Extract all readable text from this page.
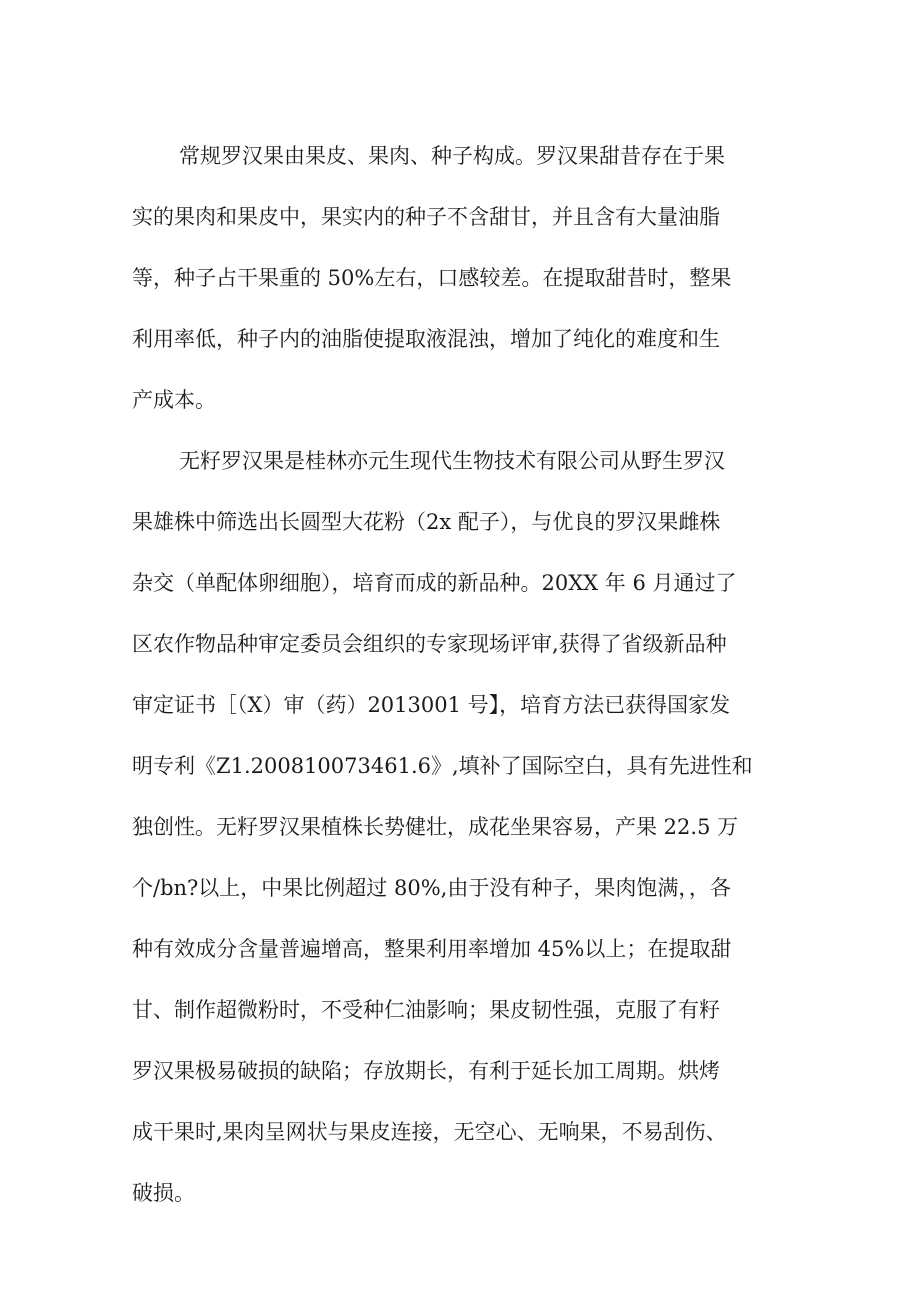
常规罗汉果由果皮、果肉、种子构成。罗汉果甜昔存在于果

实的果肉和果皮中，果实内的种子不含甜甘，并且含有大量油脂

等，种子占干果重的 50%左右，口感较差。在提取甜昔时，整果

利用率低，种子内的油脂使提取液混浊，增加了纯化的难度和生

产成本。

无籽罗汉果是桂林亦元生现代生物技术有限公司从野生罗汉

果雄株中筛选出长圆型大花粉（2x 配子），与优良的罗汉果雌株

杂交（单配体卵细胞），培育而成的新品种。20XX 年 6 月通过了

区农作物品种审定委员会组织的专家现场评审,获得了省级新品种

审定证书［（X）审（药）2013001 号】，培育方法已获得国家发

明专利《Z1.200810073461.6》,填补了国际空白，具有先进性和

独创性。无籽罗汉果植株长势健壮，成花坐果容易，产果 22.5 万

个/bn?以上，中果比例超过 80%,由于没有种子，果肉饱满，，各

种有效成分含量普遍增高，整果利用率增加 45%以上；在提取甜

甘、制作超微粉时，不受种仁油影响；果皮韧性强，克服了有籽

罗汉果极易破损的缺陷；存放期长，有利于延长加工周期。烘烤

成干果时,果肉呈网状与果皮连接，无空心、无响果，不易刮伤、

破损。
